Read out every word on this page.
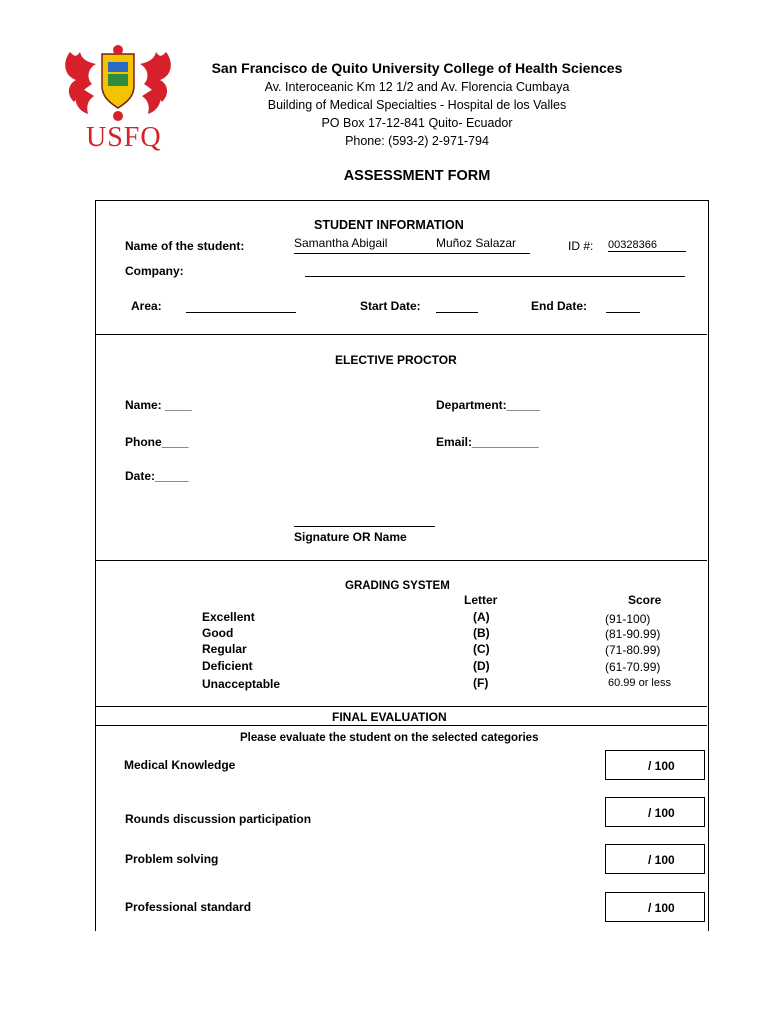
USFQ
San Francisco de Quito University College of Health Sciences
Av. Interoceanic Km 12 1/2 and Av. Florencia Cumbaya
Building of Medical Specialties - Hospital de los Valles
PO Box 17-12-841 Quito- Ecuador
Phone: (593-2) 2-971-794
ASSESSMENT FORM
STUDENT INFORMATION
Name of the student:	Samantha Abigail	Muñoz Salazar	ID #: 00328366
Company:
Area:	Start Date:	End Date:
ELECTIVE PROCTOR
Name: ____	Department:_____
Phone____	Email:__________
Date:_____
Signature OR Name
GRADING SYSTEM
Letter	Score
Excellent	(A)	(91-100)
Good	(B)	(81-90.99)
Regular	(C)	(71-80.99)
Deficient	(D)	(61-70.99)
Unacceptable	(F)	60.99 or less
FINAL EVALUATION
Please evaluate the student on the selected categories
Medical Knowledge	/ 100
Rounds discussion participation	/ 100
Problem solving	/ 100
Professional standard	/ 100
